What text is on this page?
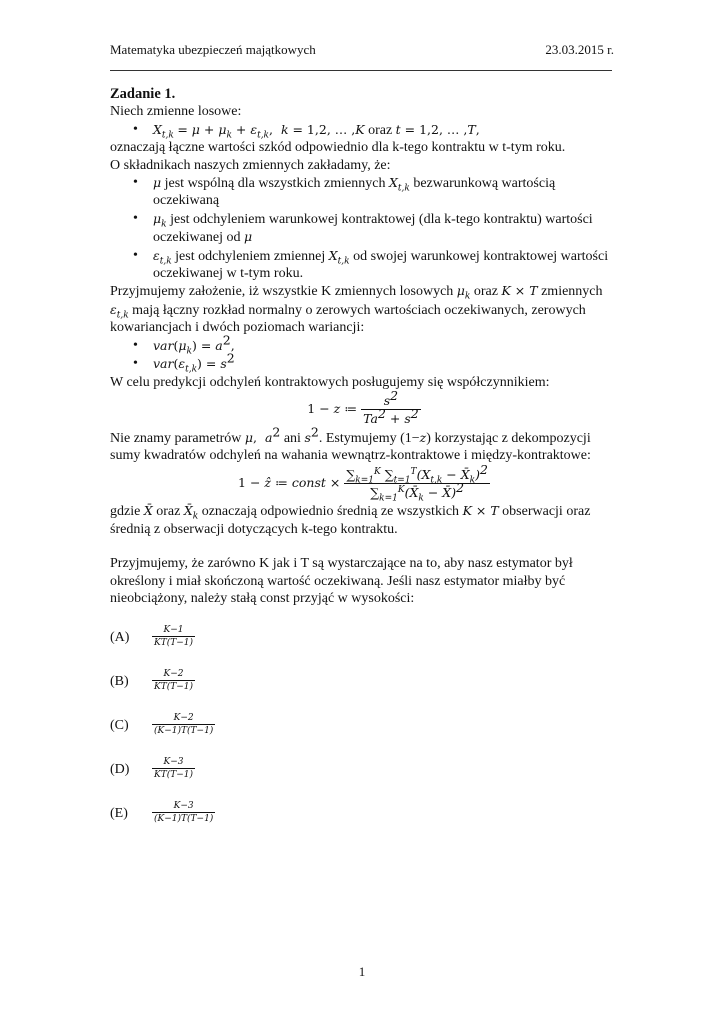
Matematyka ubezpieczeń majątkowych	23.03.2015 r.

Zadanie 1.

Niech zmienne losowe:

• $X_{t,k} = \mu + \mu_k + \varepsilon_{t,k}$,  k = 1,2, … ,K oraz t = 1,2, … ,T,

oznaczają łączne wartości szkód odpowiednio dla k-tego kontraktu w t-tym roku.

O składnikach naszych zmiennych zakładamy, że:

• μ jest wspólną dla wszystkich zmiennych $X_{t,k}$ bezwarunkową wartością oczekiwaną

• $\mu_k$ jest odchyleniem warunkowej kontraktowej (dla k-tego kontraktu) wartości oczekiwanej od μ

• $\varepsilon_{t,k}$ jest odchyleniem zmiennej $X_{t,k}$ od swojej warunkowej kontraktowej wartości oczekiwanej w t-tym roku.

Przyjmujemy założenie, iż wszystkie K zmiennych losowych $\mu_k$ oraz K × T zmiennych $\varepsilon_{t,k}$ mają łączny rozkład normalny o zerowych wartościach oczekiwanych, zerowych kowariancjach i dwóch poziomach wariancji:

• $var(\mu_k) = a^2$,

• $var(\varepsilon_{t,k}) = s^2$

W celu predykcji odchyleń kontraktowych posługujemy się współczynnikiem:

1 − z ≔ $\frac{s^2}{Ta^2 + s^2}$

Nie znamy parametrów μ,  $a^2$ ani $s^2$. Estymujemy (1−z) korzystając z dekompozycji sumy kwadratów odchyleń na wahania wewnątrz-kontraktowe i między-kontraktowe:

1 − ẑ ≔ const × $\frac{\sum_{k=1}^K \sum_{t=1}^T(X_{t,k} - X̄_k)^2}{\sum_{k=1}^K(X̄_k - X̄)^2}$

gdzie X̄ oraz $X̄_k$ oznaczają odpowiednio średnią ze wszystkich K × T obserwacji oraz średnią z obserwacji dotyczących k-tego kontraktu.

Przyjmujemy, że zarówno K jak i T są wystarczające na to, aby nasz estymator był określony i miał skończoną wartość oczekiwaną. Jeśli nasz estymator miałby być nieobciążony, należy stałą const przyjąć w wysokości:

(A)	$\frac{K-1}{KT(T-1)}$
(B)	$\frac{K-2}{KT(T-1)}$
(C)	$\frac{K-2}{(K-1)T(T-1)}$
(D)	$\frac{K-3}{KT(T-1)}$
(E)	$\frac{K-3}{(K-1)T(T-1)}$
1
